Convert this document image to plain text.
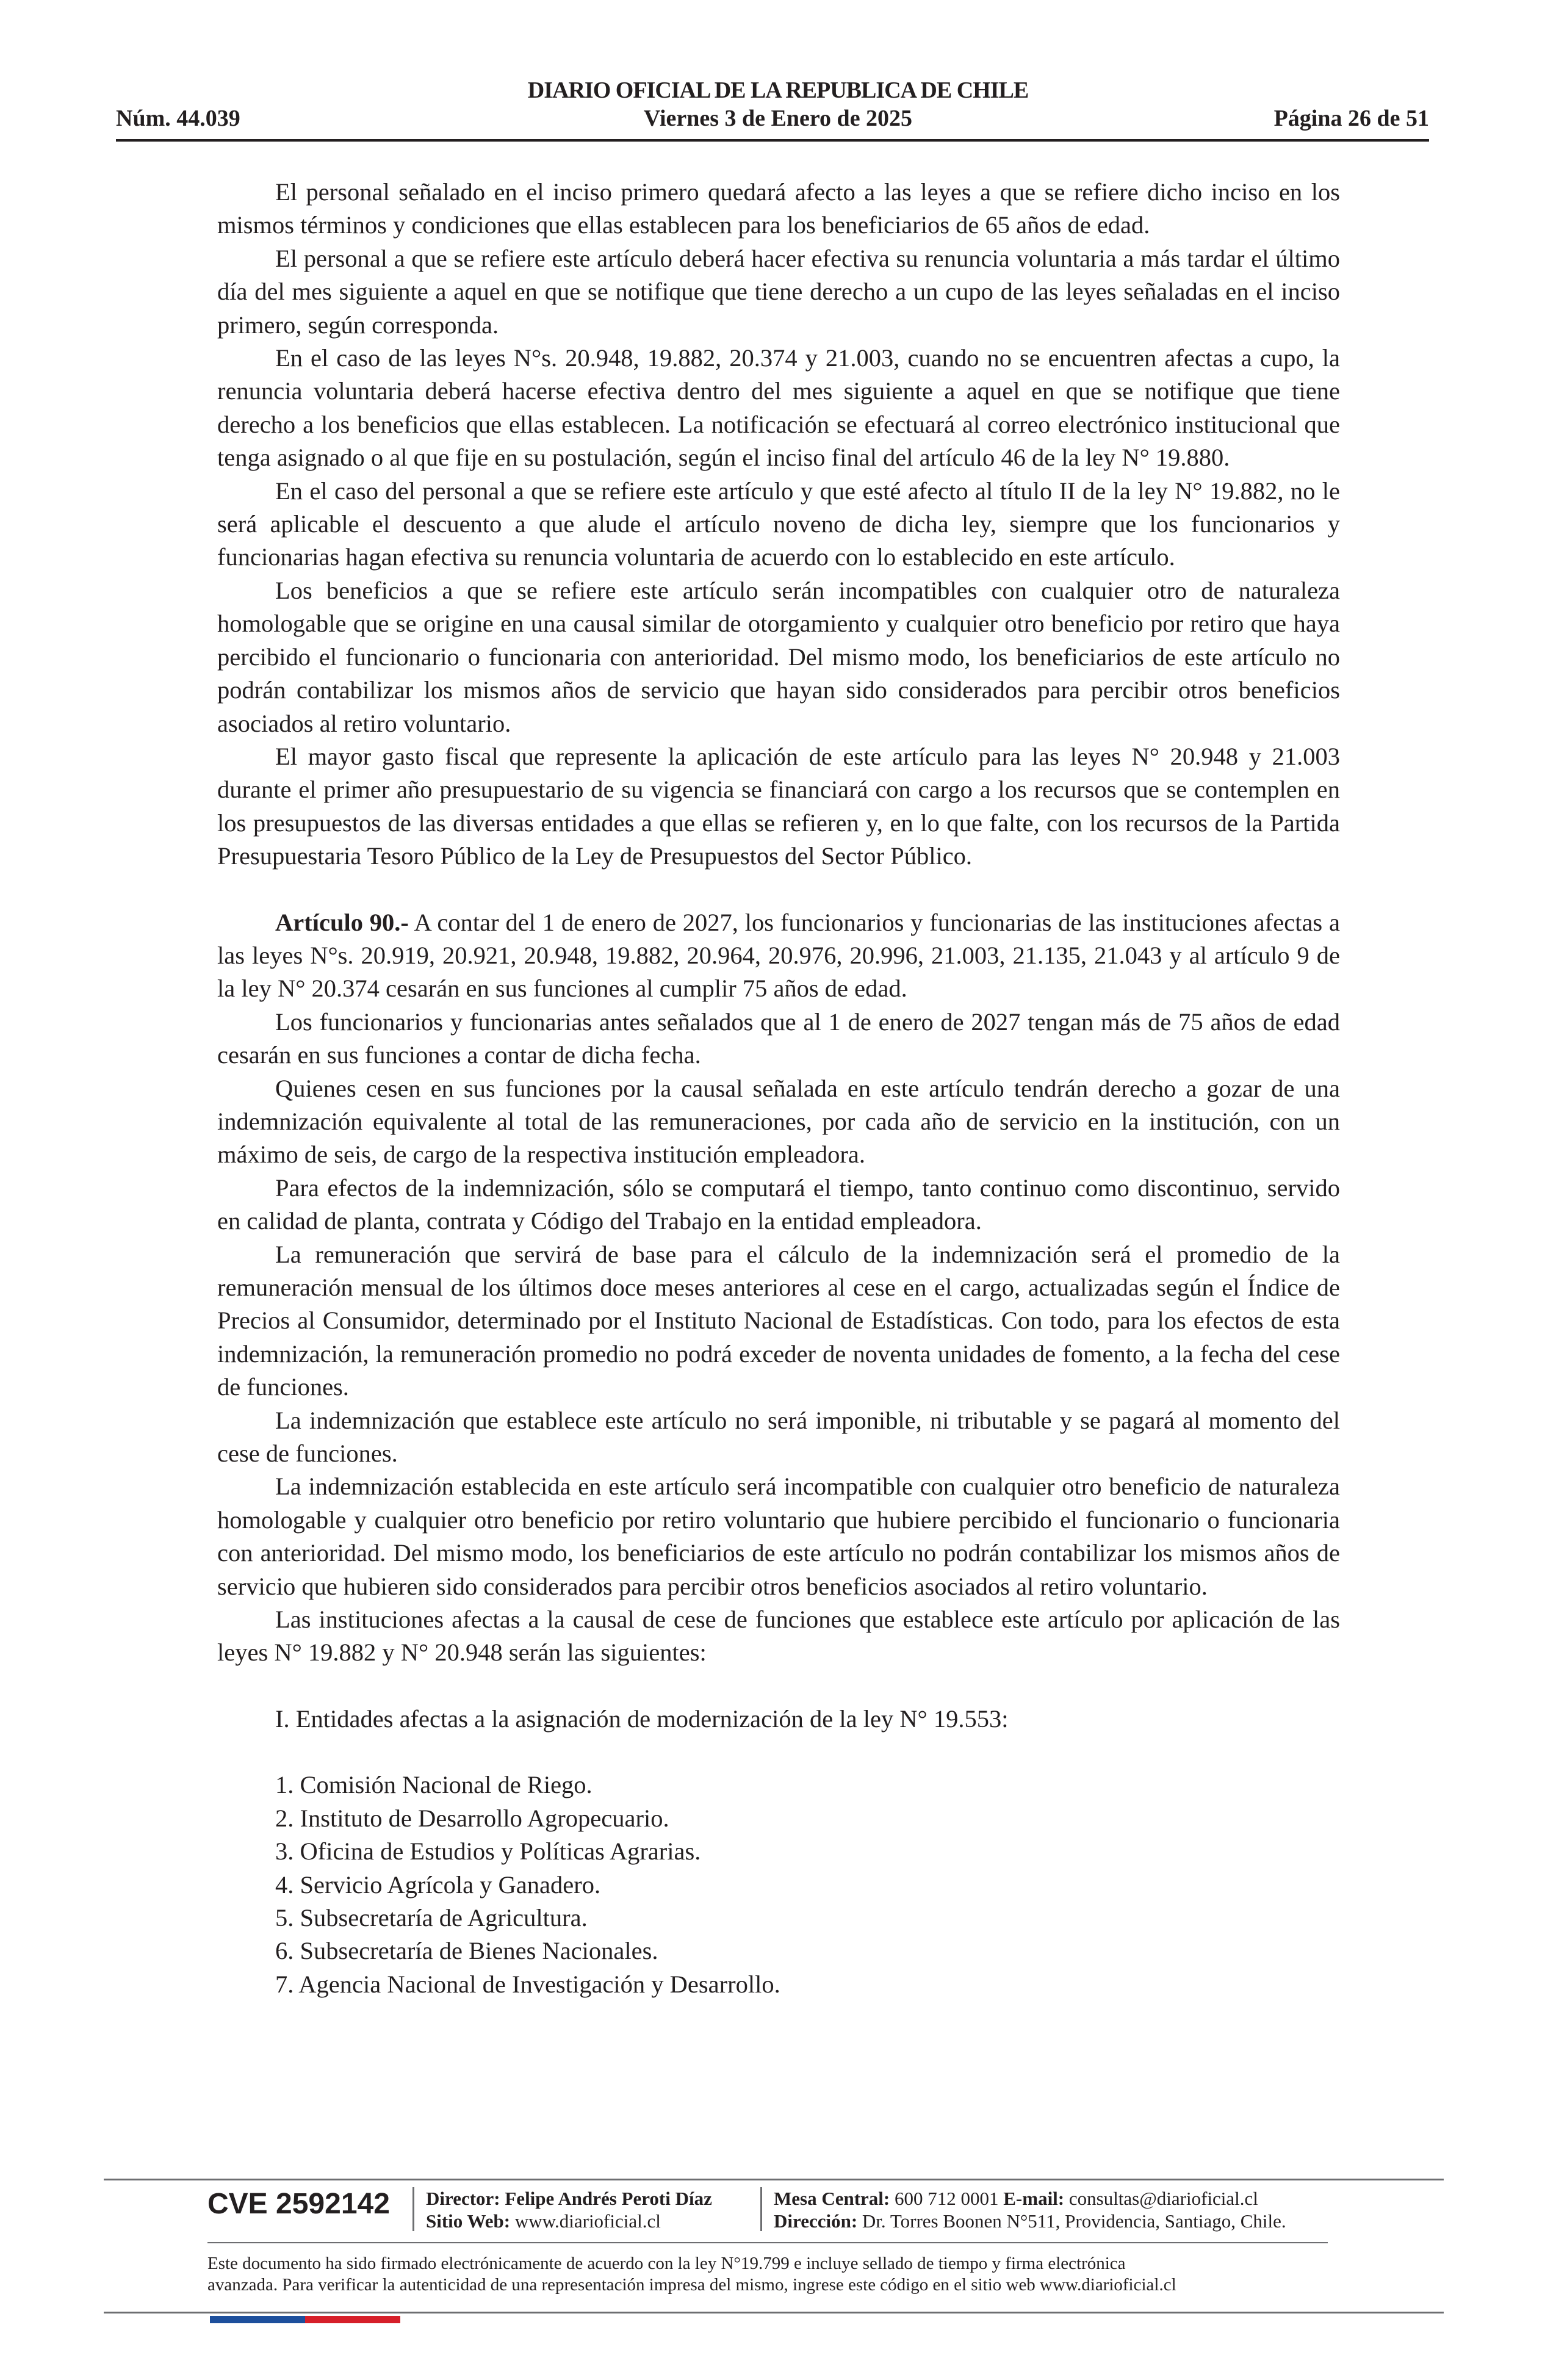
DIARIO OFICIAL DE LA REPUBLICA DE CHILE
Núm. 44.039	Viernes 3 de Enero de 2025	Página 26 de 51

El personal señalado en el inciso primero quedará afecto a las leyes a que se refiere dicho inciso en los mismos términos y condiciones que ellas establecen para los beneficiarios de 65 años de edad.

El personal a que se refiere este artículo deberá hacer efectiva su renuncia voluntaria a más tardar el último día del mes siguiente a aquel en que se notifique que tiene derecho a un cupo de las leyes señaladas en el inciso primero, según corresponda.

En el caso de las leyes N°s. 20.948, 19.882, 20.374 y 21.003, cuando no se encuentren afectas a cupo, la renuncia voluntaria deberá hacerse efectiva dentro del mes siguiente a aquel en que se notifique que tiene derecho a los beneficios que ellas establecen. La notificación se efectuará al correo electrónico institucional que tenga asignado o al que fije en su postulación, según el inciso final del artículo 46 de la ley N° 19.880.

En el caso del personal a que se refiere este artículo y que esté afecto al título II de la ley N° 19.882, no le será aplicable el descuento a que alude el artículo noveno de dicha ley, siempre que los funcionarios y funcionarias hagan efectiva su renuncia voluntaria de acuerdo con lo establecido en este artículo.

Los beneficios a que se refiere este artículo serán incompatibles con cualquier otro de naturaleza homologable que se origine en una causal similar de otorgamiento y cualquier otro beneficio por retiro que haya percibido el funcionario o funcionaria con anterioridad. Del mismo modo, los beneficiarios de este artículo no podrán contabilizar los mismos años de servicio que hayan sido considerados para percibir otros beneficios asociados al retiro voluntario.

El mayor gasto fiscal que represente la aplicación de este artículo para las leyes N° 20.948 y 21.003 durante el primer año presupuestario de su vigencia se financiará con cargo a los recursos que se contemplen en los presupuestos de las diversas entidades a que ellas se refieren y, en lo que falte, con los recursos de la Partida Presupuestaria Tesoro Público de la Ley de Presupuestos del Sector Público.

Artículo 90.- A contar del 1 de enero de 2027, los funcionarios y funcionarias de las instituciones afectas a las leyes N°s. 20.919, 20.921, 20.948, 19.882, 20.964, 20.976, 20.996, 21.003, 21.135, 21.043 y al artículo 9 de la ley N° 20.374 cesarán en sus funciones al cumplir 75 años de edad.

Los funcionarios y funcionarias antes señalados que al 1 de enero de 2027 tengan más de 75 años de edad cesarán en sus funciones a contar de dicha fecha.

Quienes cesen en sus funciones por la causal señalada en este artículo tendrán derecho a gozar de una indemnización equivalente al total de las remuneraciones, por cada año de servicio en la institución, con un máximo de seis, de cargo de la respectiva institución empleadora.

Para efectos de la indemnización, sólo se computará el tiempo, tanto continuo como discontinuo, servido en calidad de planta, contrata y Código del Trabajo en la entidad empleadora.

La remuneración que servirá de base para el cálculo de la indemnización será el promedio de la remuneración mensual de los últimos doce meses anteriores al cese en el cargo, actualizadas según el Índice de Precios al Consumidor, determinado por el Instituto Nacional de Estadísticas. Con todo, para los efectos de esta indemnización, la remuneración promedio no podrá exceder de noventa unidades de fomento, a la fecha del cese de funciones.

La indemnización que establece este artículo no será imponible, ni tributable y se pagará al momento del cese de funciones.

La indemnización establecida en este artículo será incompatible con cualquier otro beneficio de naturaleza homologable y cualquier otro beneficio por retiro voluntario que hubiere percibido el funcionario o funcionaria con anterioridad. Del mismo modo, los beneficiarios de este artículo no podrán contabilizar los mismos años de servicio que hubieren sido considerados para percibir otros beneficios asociados al retiro voluntario.

Las instituciones afectas a la causal de cese de funciones que establece este artículo por aplicación de las leyes N° 19.882 y N° 20.948 serán las siguientes:

I. Entidades afectas a la asignación de modernización de la ley N° 19.553:

1. Comisión Nacional de Riego.
2. Instituto de Desarrollo Agropecuario.
3. Oficina de Estudios y Políticas Agrarias.
4. Servicio Agrícola y Ganadero.
5. Subsecretaría de Agricultura.
6. Subsecretaría de Bienes Nacionales.
7. Agencia Nacional de Investigación y Desarrollo.
CVE 2592142 Director: Felipe Andrés Peroti Díaz
Sitio Web: www.diarioficial.cl
Mesa Central: 600 712 0001 E-mail: consultas@diarioficial.cl
Dirección: Dr. Torres Boonen N°511, Providencia, Santiago, Chile.
Este documento ha sido firmado electrónicamente de acuerdo con la ley N°19.799 e incluye sellado de tiempo y firma electrónica
avanzada. Para verificar la autenticidad de una representación impresa del mismo, ingrese este código en el sitio web www.diarioficial.cl
